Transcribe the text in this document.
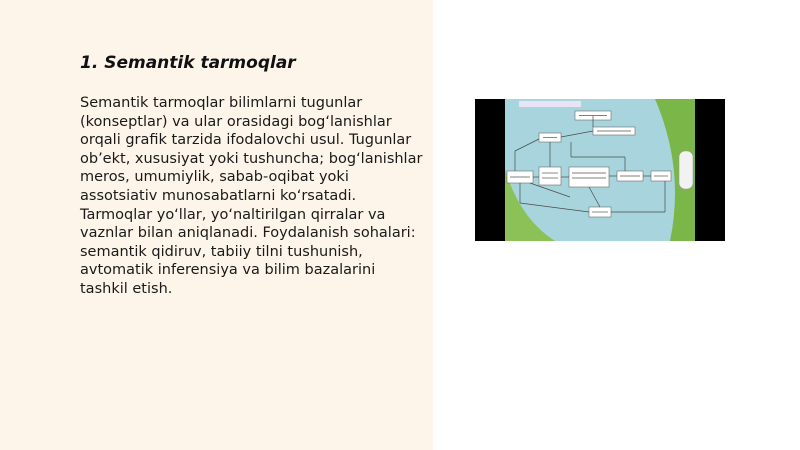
1. Semantik tarmoqlar

Semantik tarmoqlar bilimlarni tugunlar (konseptlar) va ular orasidagi bog‘lanishlar orqali grafik tarzida ifodalovchi usul. Tugunlar ob’ekt, xususiyat yoki tushuncha; bog‘lanishlar meros, umumiylik, sabab-oqibat yoki assotsiativ munosabatlarni ko‘rsatadi. Tarmoqlar yo‘llar, yo‘naltirilgan qirralar va vaznlar bilan aniqlanadi. Foydalanish sohalari: semantik qidiruv, tabiiy tilni tushunish, avtomatik inferensiya va bilim bazalarini tashkil etish.
